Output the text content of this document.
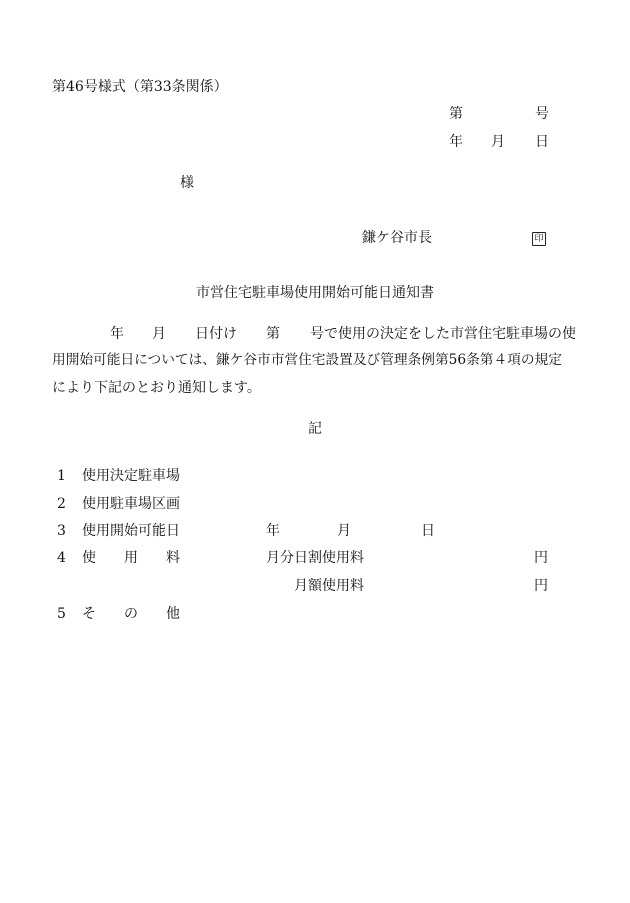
第46号様式（第33条関係）
第	号
年 月 日
様
鎌ケ谷市長	印
市営住宅駐車場使用開始可能日通知書
年 月 日付け 第 号で使用の決定をした市営住宅駐車場の使
用開始可能日については、鎌ケ谷市市営住宅設置及び管理条例第56条第４項の規定
により下記のとおり通知します。
記
1 使用決定駐車場
2 使用駐車場区画
3 使用開始可能日	年	月	日
4 使 用 料	月分日割使用料	円
月額使用料	円
5 そ の 他
